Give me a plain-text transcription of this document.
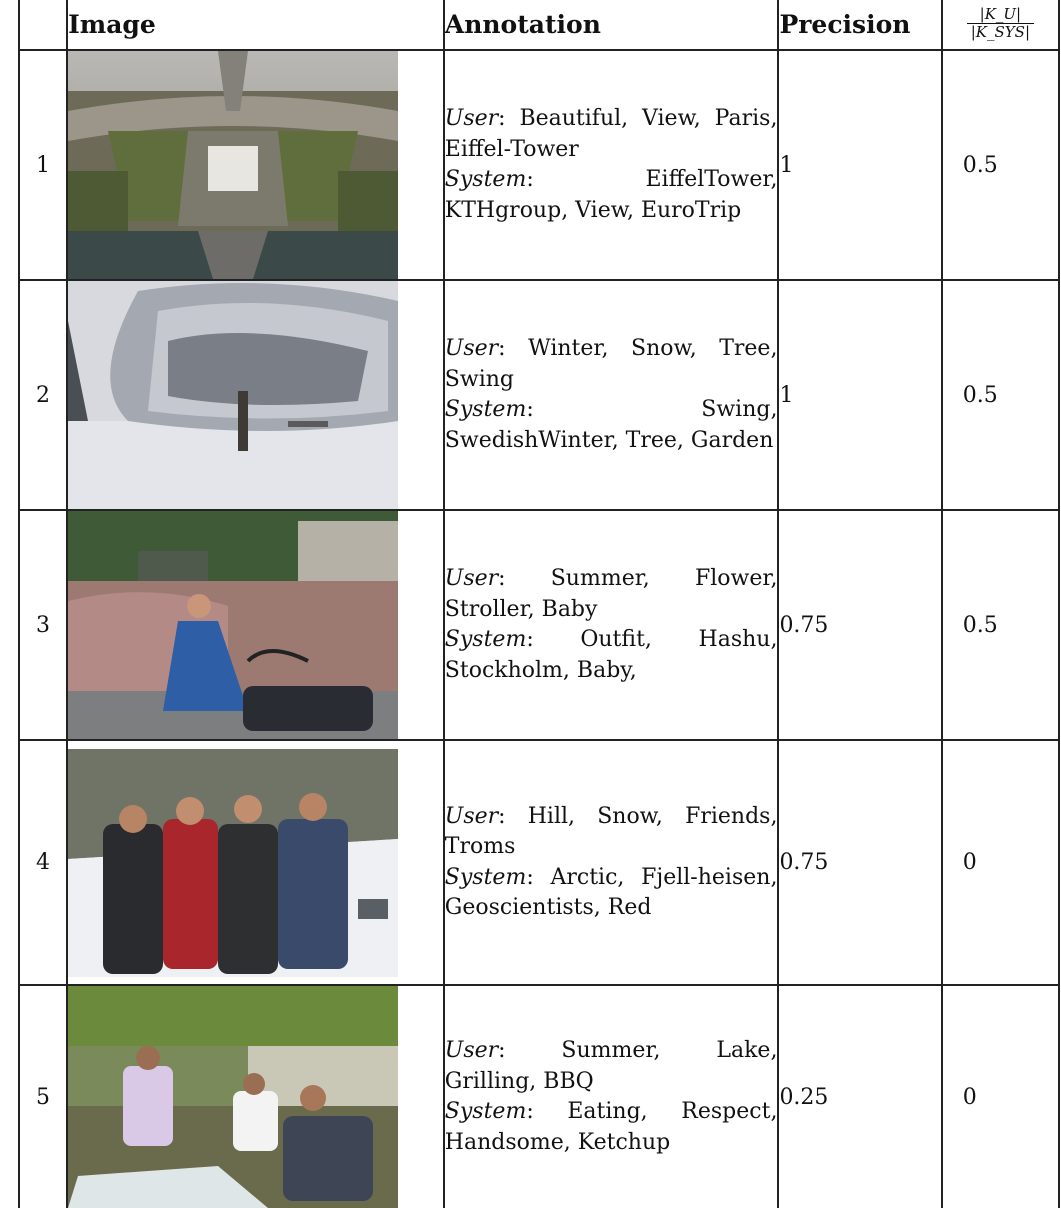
	Image	Annotation	Precision	$\frac{|K\_U|}{\text{|K\_SYS|}}$

1		User: Beautiful, View, Paris, Eiffel-Tower
System: EiffelTower, KTHgroup, View, EuroTrip	1	0.5
2		User: Winter, Snow, Tree, Swing
System: Swing, SwedishWinter, Tree, Garden	1	0.5
3		User: Summer, Flower, Stroller, Baby
System: Outfit, Hashu, Stockholm, Baby,	0.75	0.5
4		User: Hill, Snow, Friends, Troms
System: Arctic, Fjell-heisen, Geoscientists, Red	0.75	0
5		User: Summer, Lake, Grilling, BBQ
System: Eating, Respect, Handsome, Ketchup	0.25	0
